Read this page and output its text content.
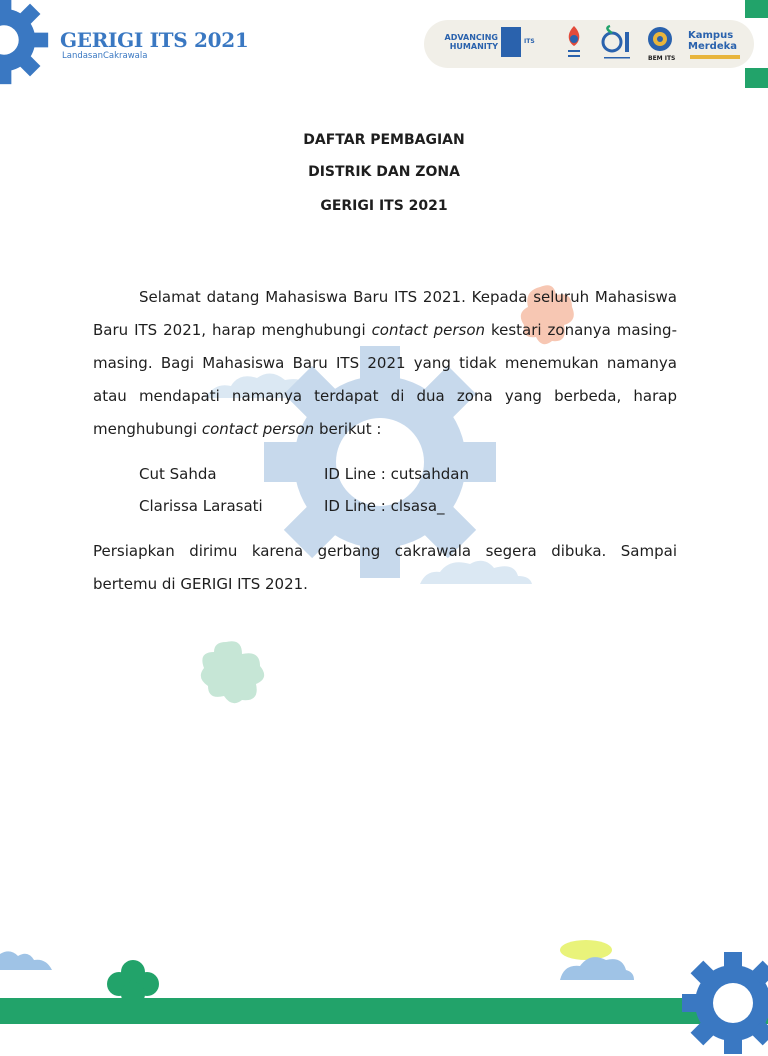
GERIGI ITS 2021
LandasanCakrawala
ADVANCING
HUMANITY
ITS
BEM ITS
Kampus
Merdeka
DAFTAR PEMBAGIAN
DISTRIK DAN ZONA
GERIGI ITS 2021
Selamat datang Mahasiswa Baru ITS 2021. Kepada seluruh Mahasiswa Baru ITS 2021, harap menghubungi contact person kestari zonanya masing-masing. Bagi Mahasiswa Baru ITS 2021 yang tidak menemukan namanya atau mendapati namanya terdapat di dua zona yang berbeda, harap menghubungi contact person berikut :
Cut Sahda	ID Line : cutsahdan
Clarissa Larasati	ID Line : clsasa_
Persiapkan dirimu karena gerbang cakrawala segera dibuka. Sampai bertemu di GERIGI ITS 2021.
